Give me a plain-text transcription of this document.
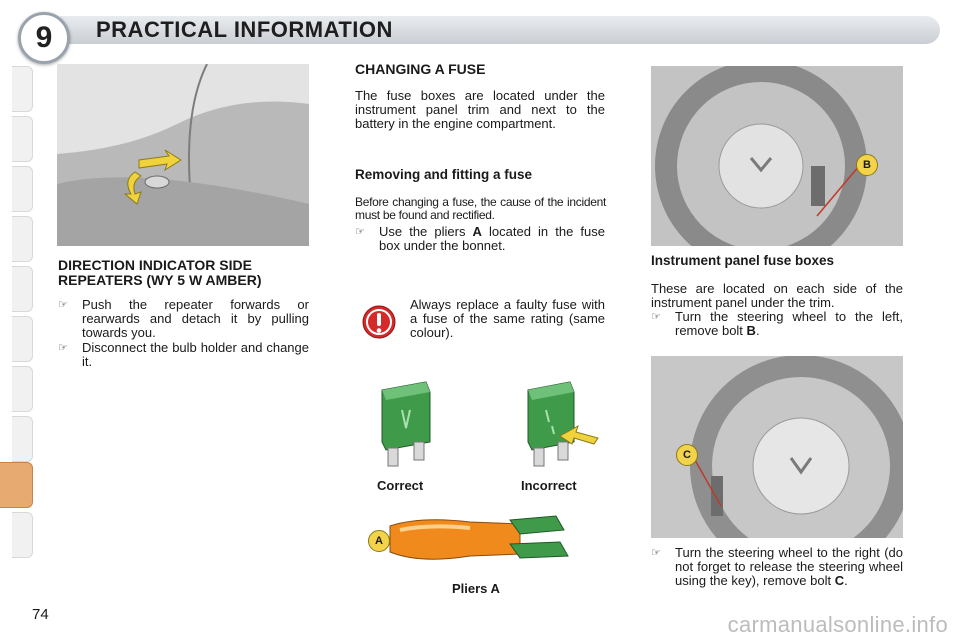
9	PRACTICAL INFORMATION
DIRECTION INDICATOR SIDE REPEATERS (WY 5 W AMBER)
☞ Push the repeater forwards or rearwards and detach it by pulling towards you.
☞ Disconnect the bulb holder and change it.
CHANGING A FUSE

The fuse boxes are located under the instrument panel trim and next to the battery in the engine compartment.

Removing and fitting a fuse

Before changing a fuse, the cause of the incident must be found and rectified.

☞ Use the pliers A located in the fuse box under the bonnet.

Always replace a faulty fuse with a fuse of the same rating (same colour).

Correct	Incorrect

A

Pliers A

B
Instrument panel fuse boxes

These are located on each side of the instrument panel under the trim.

☞ Turn the steering wheel to the left, remove bolt B.
C
☞ Turn the steering wheel to the right (do not forget to release the steering wheel using the key), remove bolt C.

74	carmanualsonline.info
